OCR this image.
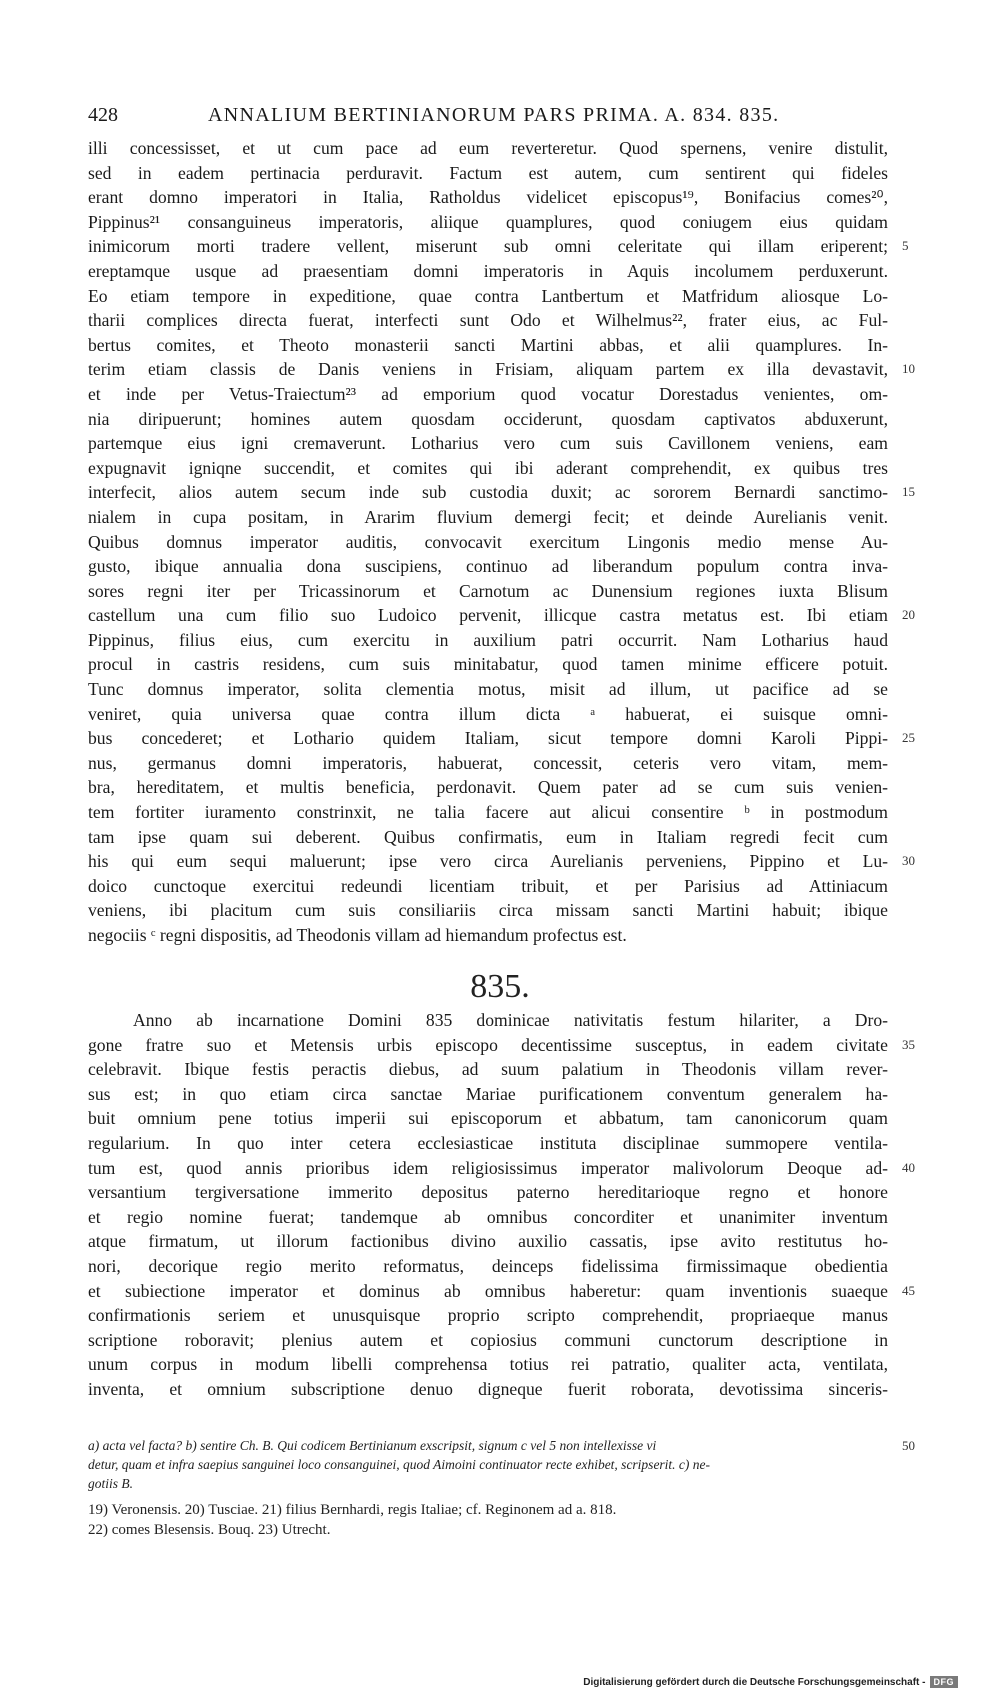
428	ANNALIUM BERTINIANORUM PARS PRIMA. A. 834. 835.
illi concessisset, et ut cum pace ad eum reverteretur. Quod spernens, venire distulit,
sed in eadem pertinacia perduravit. Factum est autem, cum sentirent qui fideles
erant domno imperatori in Italia, Ratholdus videlicet episcopus¹⁹, Bonifacius comes²⁰,
Pippinus²¹ consanguineus imperatoris, aliique quamplures, quod coniugem eius quidam
inimicorum morti tradere vellent, miserunt sub omni celeritate qui illam eriperent; 5
ereptamque usque ad praesentiam domni imperatoris in Aquis incolumem perduxerunt.
Eo etiam tempore in expeditione, quae contra Lantbertum et Matfridum aliosque Lo-
tharii complices directa fuerat, interfecti sunt Odo et Wilhelmus²², frater eius, ac Ful-
bertus comites, et Theoto monasterii sancti Martini abbas, et alii quamplures. In-
terim etiam classis de Danis veniens in Frisiam, aliquam partem ex illa devastavit, 10
et inde per Vetus-Traiectum²³ ad emporium quod vocatur Dorestadus venientes, om-
nia diripuerunt; homines autem quosdam occiderunt, quosdam captivatos abduxerunt,
partemque eius igni cremaverunt. Lotharius vero cum suis Cavillonem veniens, eam
expugnavit igniqne succendit, et comites qui ibi aderant comprehendit, ex quibus tres
interfecit, alios autem secum inde sub custodia duxit; ac sororem Bernardi sanctimo- 15
nialem in cupa positam, in Ararim fluvium demergi fecit; et deinde Aurelianis venit.
Quibus domnus imperator auditis, convocavit exercitum Lingonis medio mense Au-
gusto, ibique annualia dona suscipiens, continuo ad liberandum populum contra inva-
sores regni iter per Tricassinorum et Carnotum ac Dunensium regiones iuxta Blisum
castellum una cum filio suo Ludoico pervenit, illicque castra metatus est. Ibi etiam 20
Pippinus, filius eius, cum exercitu in auxilium patri occurrit. Nam Lotharius haud
procul in castris residens, cum suis minitabatur, quod tamen minime efficere potuit.
Tunc domnus imperator, solita clementia motus, misit ad illum, ut pacifice ad se
veniret, quia universa quae contra illum dicta ᵃ habuerat, ei suisque omni-
bus concederet; et Lothario quidem Italiam, sicut tempore domni Karoli Pippi- 25
nus, germanus domni imperatoris, habuerat, concessit, ceteris vero vitam, mem-
bra, hereditatem, et multis beneficia, perdonavit. Quem pater ad se cum suis venien-
tem fortiter iuramento constrinxit, ne talia facere aut alicui consentire ᵇ in postmodum
tam ipse quam sui deberent. Quibus confirmatis, eum in Italiam regredi fecit cum
his qui eum sequi maluerunt; ipse vero circa Aurelianis perveniens, Pippino et Lu- 30
doico cunctoque exercitui redeundi licentiam tribuit, et per Parisius ad Attiniacum
veniens, ibi placitum cum suis consiliariis circa missam sancti Martini habuit; ibique
negociis ᶜ regni dispositis, ad Theodonis villam ad hiemandum profectus est.
835.
Anno ab incarnatione Domini 835 dominicae nativitatis festum hilariter, a Dro-
gone fratre suo et Metensis urbis episcopo decentissime susceptus, in eadem civitate 35
celebravit. Ibique festis peractis diebus, ad suum palatium in Theodonis villam rever-
sus est; in quo etiam circa sanctae Mariae purificationem conventum generalem ha-
buit omnium pene totius imperii sui episcoporum et abbatum, tam canonicorum quam
regularium. In quo inter cetera ecclesiasticae instituta disciplinae summopere ventila-
tum est, quod annis prioribus idem religiosissimus imperator malivolorum Deoque ad- 40
versantium tergiversatione immerito depositus paterno hereditarioque regno et honore
et regio nomine fuerat; tandemque ab omnibus concorditer et unanimiter inventum
atque firmatum, ut illorum factionibus divino auxilio cassatis, ipse avito restitutus ho-
nori, decorique regio merito reformatus, deinceps fidelissima firmissimaque obedientia
et subiectione imperator et dominus ab omnibus haberetur: quam inventionis suaeque 45
confirmationis seriem et unusquisque proprio scripto comprehendit, propriaeque manus
scriptione roboravit; plenius autem et copiosius communi cunctorum descriptione in
unum corpus in modum libelli comprehensa totius rei patratio, qualiter acta, ventilata,
inventa, et omnium subscriptione denuo digneque fuerit roborata, devotissima sinceris-
a) acta vel facta? b) sentire Ch. B. Qui codicem Bertinianum exscripsit, signum c vel 5 non intellexisse vi	50
detur, quam et infra saepius sanguinei loco consanguinei, quod Aimoini continuator recte exhibet, scripserit. c) ne-
gotiis B.
19) Veronensis. 20) Tusciae. 21) filius Bernhardi, regis Italiae; cf. Reginonem ad a. 818.
22) comes Blesensis. Bouq. 23) Utrecht.
Digitalisierung gefördert durch die Deutsche Forschungsgemeinschaft - DFG
